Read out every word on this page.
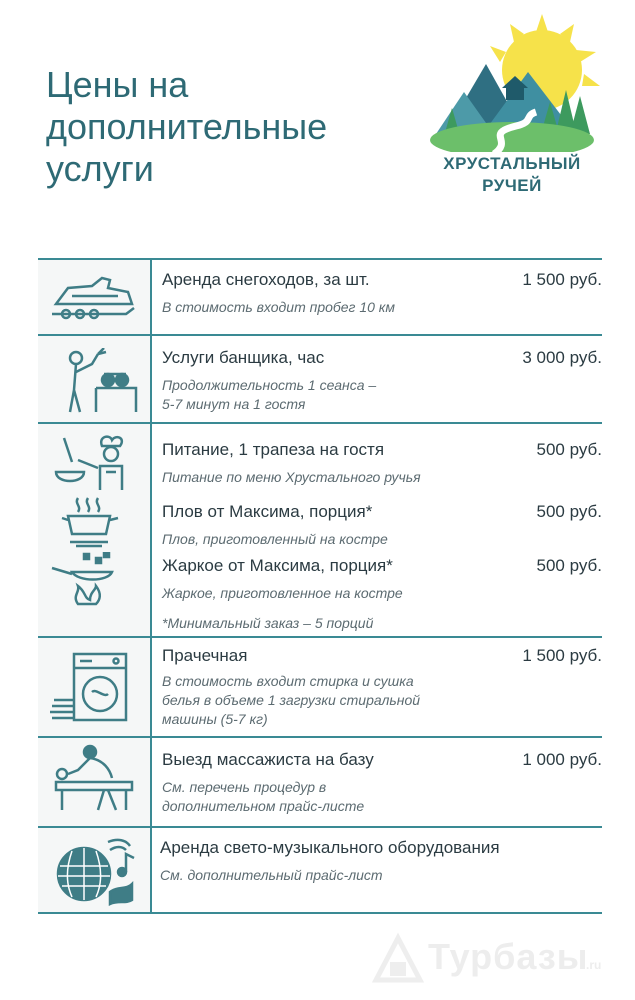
Цены на
дополнительные
услуги	ХРУСТАЛЬНЫЙ
РУЧЕЙ
Аренда снегоходов, за шт.	1 500 руб.
В стоимость входит пробег 10 км
Услуги банщика, час	3 000 руб.
Продолжительность 1 сеанса –
5-7 минут на 1 гостя
Питание, 1 трапеза на гостя	500 руб.
Питание по меню Хрустального ручья
Плов от Максима, порция*	500 руб.
Плов, приготовленный на костре
Жаркое от Максима, порция*	500 руб.
Жаркое, приготовленное на костре
*Минимальный заказ – 5 порций
Прачечная	1 500 руб.
В стоимость входит стирка и сушка
белья в объеме 1 загрузки стиральной
машины (5-7 кг)
Выезд массажиста на базу	1 000 руб.
См. перечень процедур в
дополнительном прайс-листе
Аренда свето-музыкального оборудования
См. дополнительный прайс-лист
Турбазы
.ru
